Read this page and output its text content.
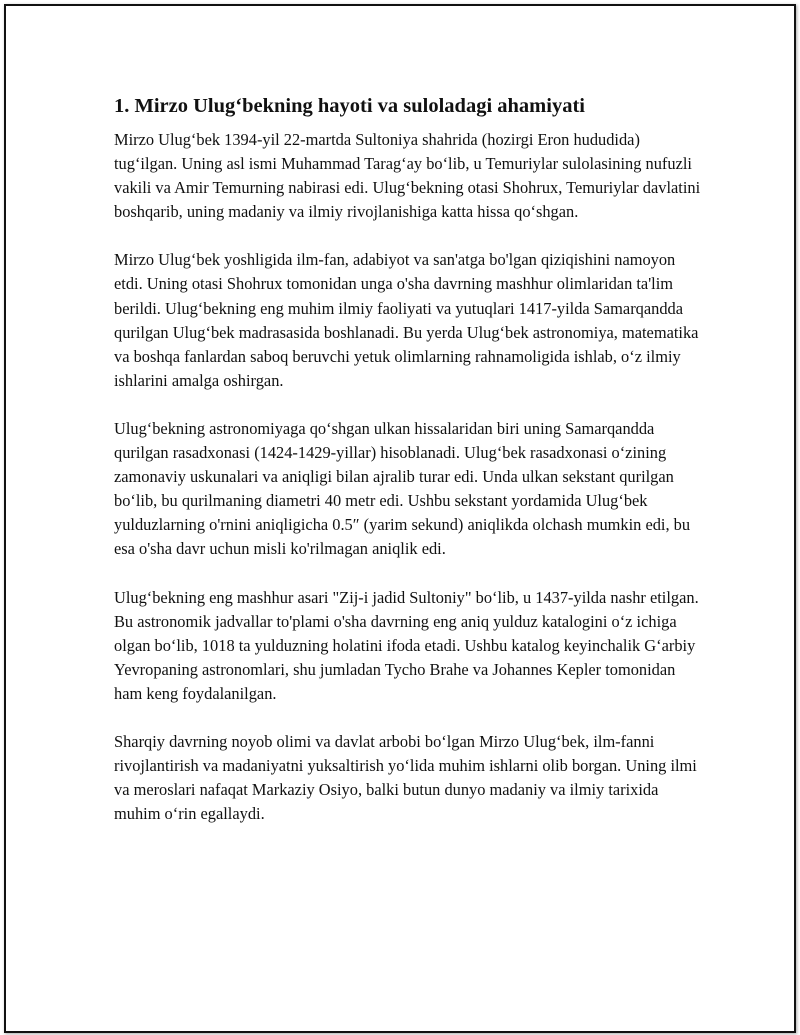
1. Mirzo Ulug‘bekning hayoti va suloladagi ahamiyati

Mirzo Ulug‘bek 1394-yil 22-martda Sultoniya shahrida (hozirgi Eron hududida) tug‘ilgan. Uning asl ismi Muhammad Tarag‘ay bo‘lib, u Temuriylar sulolasining nufuzli vakili va Amir Temurning nabirasi edi. Ulug‘bekning otasi Shohrux, Temuriylar davlatini boshqarib, uning madaniy va ilmiy rivojlanishiga katta hissa qo‘shgan.

Mirzo Ulug‘bek yoshligida ilm-fan, adabiyot va san'atga bo'lgan qiziqishini namoyon etdi. Uning otasi Shohrux tomonidan unga o'sha davrning mashhur olimlaridan ta'lim berildi. Ulug‘bekning eng muhim ilmiy faoliyati va yutuqlari 1417-yilda Samarqandda qurilgan Ulug‘bek madrasasida boshlanadi. Bu yerda Ulug‘bek astronomiya, matematika va boshqa fanlardan saboq beruvchi yetuk olimlarning rahnamoligida ishlab, o‘z ilmiy ishlarini amalga oshirgan.

Ulug‘bekning astronomiyaga qo‘shgan ulkan hissalaridan biri uning Samarqandda qurilgan rasadxonasi (1424-1429-yillar) hisoblanadi. Ulug‘bek rasadxonasi o‘zining zamonaviy uskunalari va aniqligi bilan ajralib turar edi. Unda ulkan sekstant qurilgan bo‘lib, bu qurilmaning diametri 40 metr edi. Ushbu sekstant yordamida Ulug‘bek yulduzlarning o'rnini aniqligicha 0.5″ (yarim sekund) aniqlikda olchash mumkin edi, bu esa o'sha davr uchun misli ko'rilmagan aniqlik edi.

Ulug‘bekning eng mashhur asari "Zij-i jadid Sultoniy" bo‘lib, u 1437-yilda nashr etilgan. Bu astronomik jadvallar to'plami o'sha davrning eng aniq yulduz katalogini o‘z ichiga olgan bo‘lib, 1018 ta yulduzning holatini ifoda etadi. Ushbu katalog keyinchalik G‘arbiy Yevropaning astronomlari, shu jumladan Tycho Brahe va Johannes Kepler tomonidan ham keng foydalanilgan.

Sharqiy davrning noyob olimi va davlat arbobi bo‘lgan Mirzo Ulug‘bek, ilm-fanni rivojlantirish va madaniyatni yuksaltirish yo‘lida muhim ishlarni olib borgan. Uning ilmi va meroslari nafaqat Markaziy Osiyo, balki butun dunyo madaniy va ilmiy tarixida muhim o‘rin egallaydi.
